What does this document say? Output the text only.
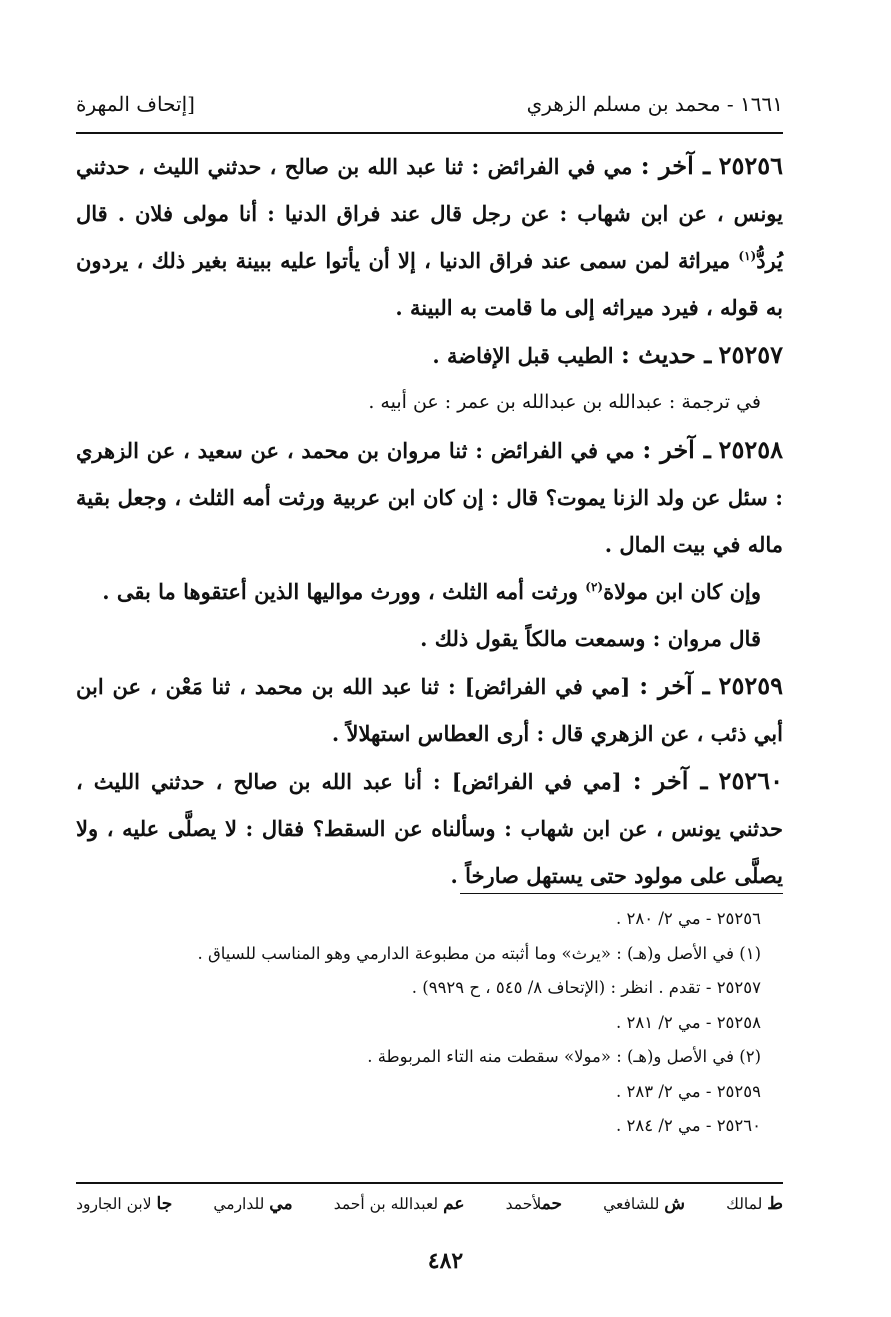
١٦٦١ - محمد بن مسلم الزهري
[إتحاف المهرة

٢٥٢٥٦ ـ آخر : مي في الفرائض : ثنا عبد الله بن صالح ، حدثني الليث ، حدثني يونس ، عن ابن شهاب : عن رجل قال عند فراق الدنيا : أنا مولى فلان . قال يُردُّ$^{(١)}$ ميراثة لمن سمى عند فراق الدنيا ، إلا أن يأتوا عليه ببينة بغير ذلك ، يردون به قوله ، فيرد ميراثه إلى ما قامت به البينة .

٢٥٢٥٧ ـ حديث : الطيب قبل الإفاضة .

في ترجمة : عبدالله بن عبدالله بن عمر : عن أبيه .

٢٥٢٥٨ ـ آخر : مي في الفرائض : ثنا مروان بن محمد ، عن سعيد ، عن الزهري : سئل عن ولد الزنا يموت؟ قال : إن كان ابن عربية ورثت أمه الثلث ، وجعل بقية ماله في بيت المال .

وإن كان ابن مولاة$^{(٢)}$ ورثت أمه الثلث ، وورث مواليها الذين أعتقوها ما بقى .

قال مروان : وسمعت مالكاً يقول ذلك .

٢٥٢٥٩ ـ آخر : [مي في الفرائض] : ثنا عبد الله بن محمد ، ثنا مَعْن ، عن ابن أبي ذئب ، عن الزهري قال : أرى العطاس استهلالاً .

٢٥٢٦٠ ـ آخر : [مي في الفرائض] : أنا عبد الله بن صالح ، حدثني الليث ، حدثني يونس ، عن ابن شهاب : وسألناه عن السقط؟ فقال : لا يصلَّى عليه ، ولا يصلَّى على مولود حتى يستهل صارخاً .

٢٥٢٥٦ - مي ٢/ ٢٨٠ .

(١) في الأصل و(هـ) : «يرث» وما أثبته من مطبوعة الدارمي وهو المناسب للسياق .

٢٥٢٥٧ - تقدم . انظر : (الإتحاف ٨/ ٥٤٥ ، ح ٩٩٢٩) .

٢٥٢٥٨ - مي ٢/ ٢٨١ .

(٢) في الأصل و(هـ) : «مولا» سقطت منه التاء المربوطة .

٢٥٢٥٩ - مي ٢/ ٢٨٣ .

٢٥٢٦٠ - مي ٢/ ٢٨٤ .

ط لمالك
ش للشافعي
حملأحمد
عم لعبدالله بن أحمد
مي للدارمي
جا لابن الجارود
٤٨٢
